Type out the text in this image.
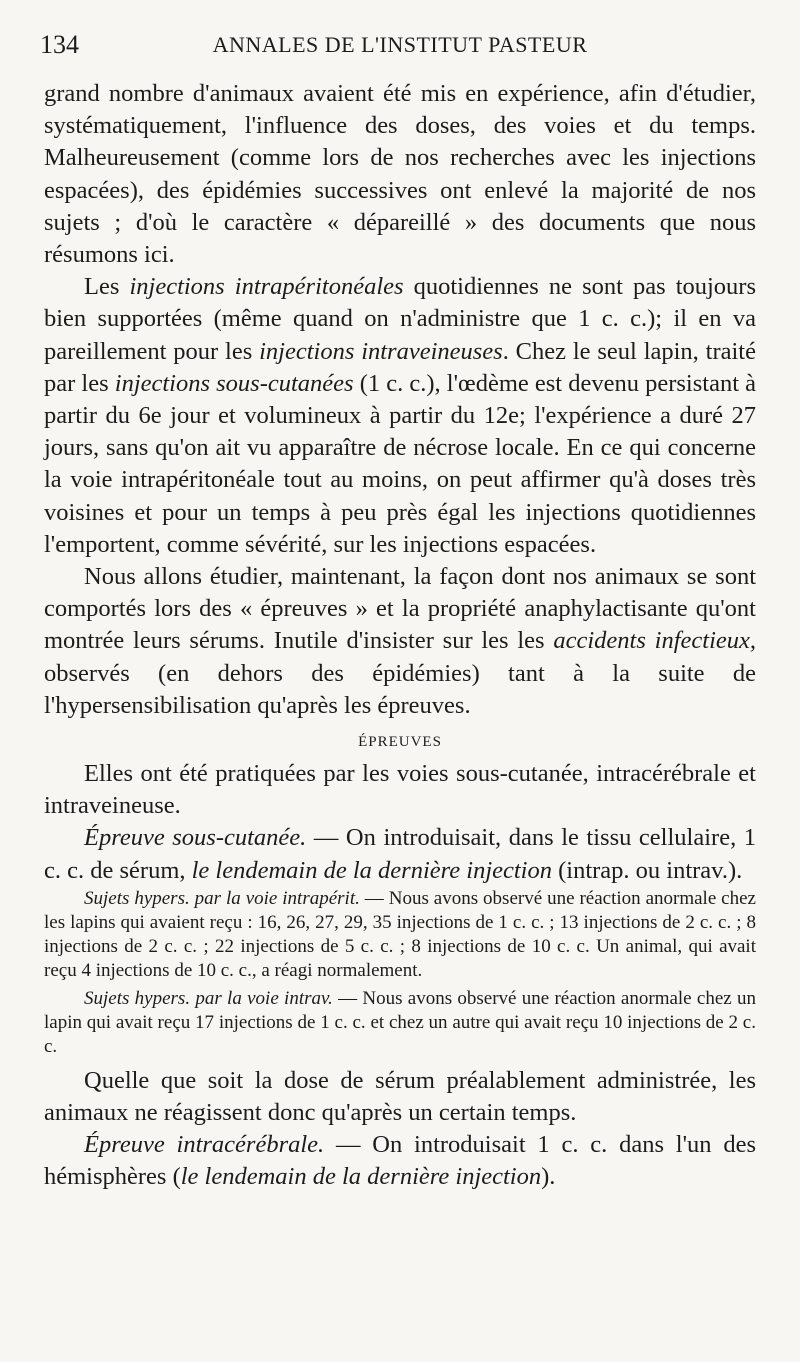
134	ANNALES DE L'INSTITUT PASTEUR

grand nombre d'animaux avaient été mis en expérience, afin d'étudier, systématiquement, l'influence des doses, des voies et du temps. Malheureusement (comme lors de nos recherches avec les injections espacées), des épidémies successives ont enlevé la majorité de nos sujets ; d'où le caractère « dépareillé » des documents que nous résumons ici.

Les injections intrapéritonéales quotidiennes ne sont pas toujours bien supportées (même quand on n'administre que 1 c. c.); il en va pareillement pour les injections intraveineuses. Chez le seul lapin, traité par les injections sous-cutanées (1 c. c.), l'œdème est devenu persistant à partir du 6e jour et volumineux à partir du 12e; l'expérience a duré 27 jours, sans qu'on ait vu apparaître de nécrose locale. En ce qui concerne la voie intrapéritonéale tout au moins, on peut affirmer qu'à doses très voisines et pour un temps à peu près égal les injections quotidiennes l'emportent, comme sévérité, sur les injections espacées.

Nous allons étudier, maintenant, la façon dont nos animaux se sont comportés lors des « épreuves » et la propriété anaphylactisante qu'ont montrée leurs sérums. Inutile d'insister sur les les accidents infectieux, observés (en dehors des épidémies) tant à la suite de l'hypersensibilisation qu'après les épreuves.

ÉPREUVES

Elles ont été pratiquées par les voies sous-cutanée, intracérébrale et intraveineuse.

Épreuve sous-cutanée. — On introduisait, dans le tissu cellulaire, 1 c. c. de sérum, le lendemain de la dernière injection (intrap. ou intrav.).

Sujets hypers. par la voie intrapérit. — Nous avons observé une réaction anormale chez les lapins qui avaient reçu : 16, 26, 27, 29, 35 injections de 1 c. c. ; 13 injections de 2 c. c. ; 8 injections de 2 c. c. ; 22 injections de 5 c. c. ; 8 injections de 10 c. c. Un animal, qui avait reçu 4 injections de 10 c. c., a réagi normalement.

Sujets hypers. par la voie intrav. — Nous avons observé une réaction anormale chez un lapin qui avait reçu 17 injections de 1 c. c. et chez un autre qui avait reçu 10 injections de 2 c. c.

Quelle que soit la dose de sérum préalablement administrée, les animaux ne réagissent donc qu'après un certain temps.

Épreuve intracérébrale. — On introduisait 1 c. c. dans l'un des hémisphères (le lendemain de la dernière injection).
